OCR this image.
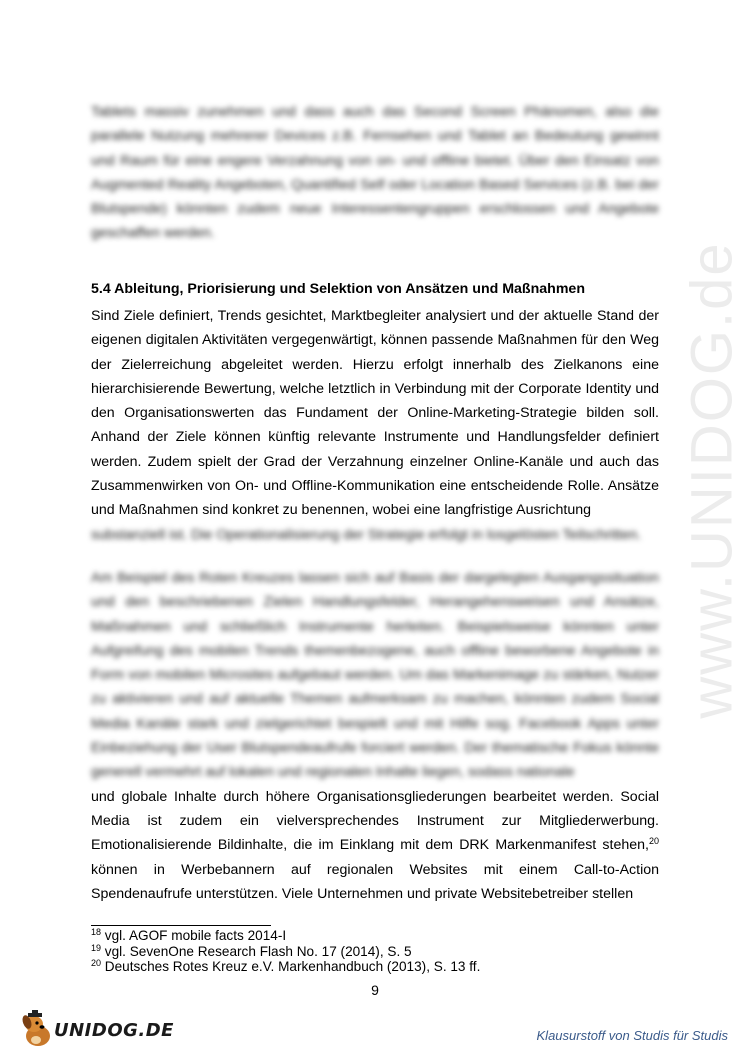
www.UNIDOG.de

Tablets massiv zunehmen und dass auch das Second Screen Phänomen, also die parallele Nutzung mehrerer Devices z.B. Fernsehen und Tablet an Bedeutung gewinnt und Raum für eine engere Verzahnung von on- und offline bietet. Über den Einsatz von Augmented Reality Angeboten, Quantified Self oder Location Based Services (z.B. bei der Blutspende) könnten zudem neue Interessentengruppen erschlossen und Angebote geschaffen werden.

5.4 Ableitung, Priorisierung und Selektion von Ansätzen und Maßnahmen

Sind Ziele definiert, Trends gesichtet, Marktbegleiter analysiert und der aktuelle Stand der eigenen digitalen Aktivitäten vergegenwärtigt, können passende Maßnahmen für den Weg der Zielerreichung abgeleitet werden. Hierzu erfolgt innerhalb des Zielkanons eine hierarchisierende Bewertung, welche letztlich in Verbindung mit der Corporate Identity und den Organisationswerten das Fundament der Online-Marketing-Strategie bilden soll. Anhand der Ziele können künftig relevante Instrumente und Handlungsfelder definiert werden. Zudem spielt der Grad der Verzahnung einzelner Online-Kanäle und auch das Zusammenwirken von On- und Offline-Kommunikation eine entscheidende Rolle. Ansätze und Maßnahmen sind konkret zu benennen, wobei eine langfristige Ausrichtung

substanziell ist. Die Operationalisierung der Strategie erfolgt in losgelösten Teilschritten.

Am Beispiel des Roten Kreuzes lassen sich auf Basis der dargelegten Ausgangssituation und den beschriebenen Zielen Handlungsfelder, Herangehensweisen und Ansätze, Maßnahmen und schließlich Instrumente herleiten. Beispielsweise könnten unter Aufgreifung des mobilen Trends themenbezogene, auch offline beworbene Angebote in Form von mobilen Microsites aufgebaut werden. Um das Markenimage zu stärken, Nutzer zu aktivieren und auf aktuelle Themen aufmerksam zu machen, könnten zudem Social Media Kanäle stark und zielgerichtet bespielt und mit Hilfe sog. Facebook Apps unter Einbeziehung der User Blutspendeaufrufe forciert werden. Der thematische Fokus könnte generell vermehrt auf lokalen und regionalen Inhalte liegen, sodass nationale

und globale Inhalte durch höhere Organisationsgliederungen bearbeitet werden. Social Media ist zudem ein vielversprechendes Instrument zur Mitgliederwerbung. Emotionalisierende Bildinhalte, die im Einklang mit dem DRK Markenmanifest stehen,$^{20}$ können in Werbebannern auf regionalen Websites mit einem Call-to-Action Spendenaufrufe unterstützen. Viele Unternehmen und private Websitebetreiber stellen

$^{18}$ vgl. AGOF mobile facts 2014-I
$^{19}$ vgl. SevenOne Research Flash No. 17 (2014), S. 5
$^{20}$ Deutsches Rotes Kreuz e.V. Markenhandbuch (2013), S. 13 ff.
9
UNIDOG.DE	Klausurstoff von Studis für Studis
